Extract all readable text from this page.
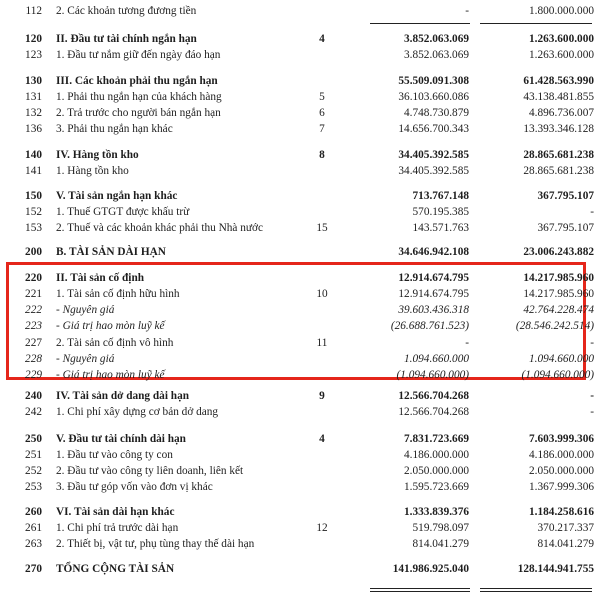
112 2. Các khoản tương đương tiền	-	1.800.000.000
120 II. Đầu tư tài chính ngắn hạn	4	3.852.063.069	1.263.600.000
123 1. Đầu tư nắm giữ đến ngày đáo hạn	3.852.063.069	1.263.600.000
130 III. Các khoản phải thu ngắn hạn	55.509.091.308	61.428.563.990
131 1. Phải thu ngắn hạn của khách hàng	5	36.103.660.086	43.138.481.855
132 2. Trả trước cho người bán ngắn hạn	6	4.748.730.879	4.896.736.007
136 3. Phải thu ngắn hạn khác	7	14.656.700.343	13.393.346.128
140 IV. Hàng tồn kho	8	34.405.392.585	28.865.681.238
141 1. Hàng tồn kho	34.405.392.585	28.865.681.238
150 V. Tài sản ngắn hạn khác	713.767.148	367.795.107
152 1. Thuế GTGT được khấu trừ	570.195.385	-
153 2. Thuế và các khoản khác phải thu Nhà nước	15	143.571.763	367.795.107
200 B. TÀI SẢN DÀI HẠN	34.646.942.108	23.006.243.882
220 II. Tài sản cố định	12.914.674.795	14.217.985.960
221 1. Tài sản cố định hữu hình	10	12.914.674.795	14.217.985.960
222 - Nguyên giá	39.603.436.318	42.764.228.474
223 - Giá trị hao mòn luỹ kế	(26.688.761.523)	(28.546.242.514)
227 2. Tài sản cố định vô hình	11	-	-
228 - Nguyên giá	1.094.660.000	1.094.660.000
229 - Giá trị hao mòn luỹ kế	(1.094.660.000)	(1.094.660.000)
240 IV. Tài sản dở dang dài hạn	9	12.566.704.268	-
242 1. Chi phí xây dựng cơ bản dở dang	12.566.704.268	-
250 V. Đầu tư tài chính dài hạn	4	7.831.723.669	7.603.999.306
251 1. Đầu tư vào công ty con	4.186.000.000	4.186.000.000
252 2. Đầu tư vào công ty liên doanh, liên kết	2.050.000.000	2.050.000.000
253 3. Đầu tư góp vốn vào đơn vị khác	1.595.723.669	1.367.999.306
260 VI. Tài sản dài hạn khác	1.333.839.376	1.184.258.616
261 1. Chi phí trả trước dài hạn	12	519.798.097	370.217.337
263 2. Thiết bị, vật tư, phụ tùng thay thế dài hạn	814.041.279	814.041.279
270 TỔNG CỘNG TÀI SẢN	141.986.925.040	128.144.941.755
